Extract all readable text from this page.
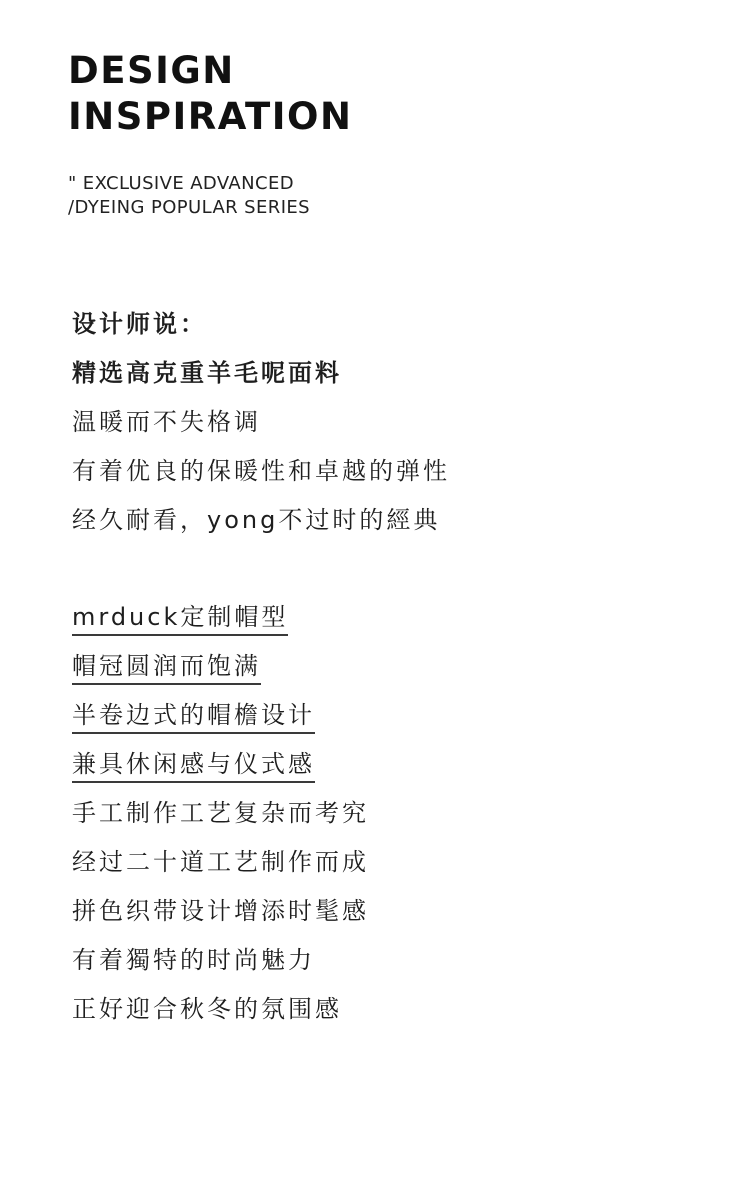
DESIGN
INSPIRATION

" EXCLUSIVE ADVANCED
/DYEING POPULAR SERIES

设计师说：
精选高克重羊毛呢面料
温暖而不失格调
有着优良的保暖性和卓越的弹性
经久耐看，yong不过时的經典
mrduck定制帽型
帽冠圆润而饱满
半卷边式的帽檐设计
兼具休闲感与仪式感
手工制作工艺复杂而考究
经过二十道工艺制作而成
拼色织带设计增添时髦感
有着獨特的时尚魅力
正好迎合秋冬的氛围感
